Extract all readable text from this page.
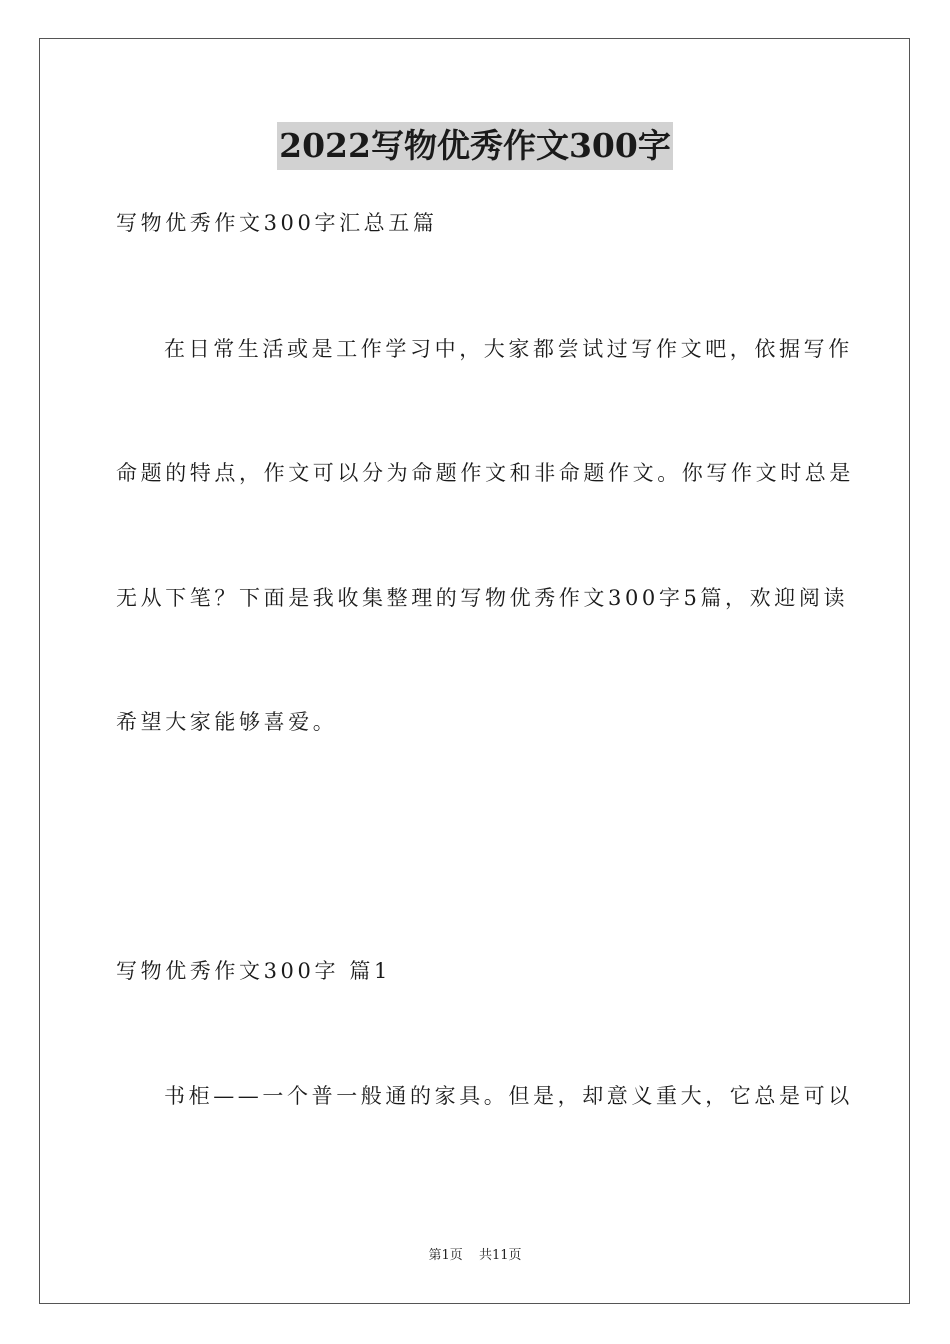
2022写物优秀作文300字
写物优秀作文300字汇总五篇
在日常生活或是工作学习中，大家都尝试过写作文吧，依据写作
命题的特点，作文可以分为命题作文和非命题作文。你写作文时总是
无从下笔？下面是我收集整理的写物优秀作文300字5篇，欢迎阅读
希望大家能够喜爱。
写物优秀作文300字 篇1
书柜——一个普一般通的家具。但是，却意义重大，它总是可以
第1页 共11页
